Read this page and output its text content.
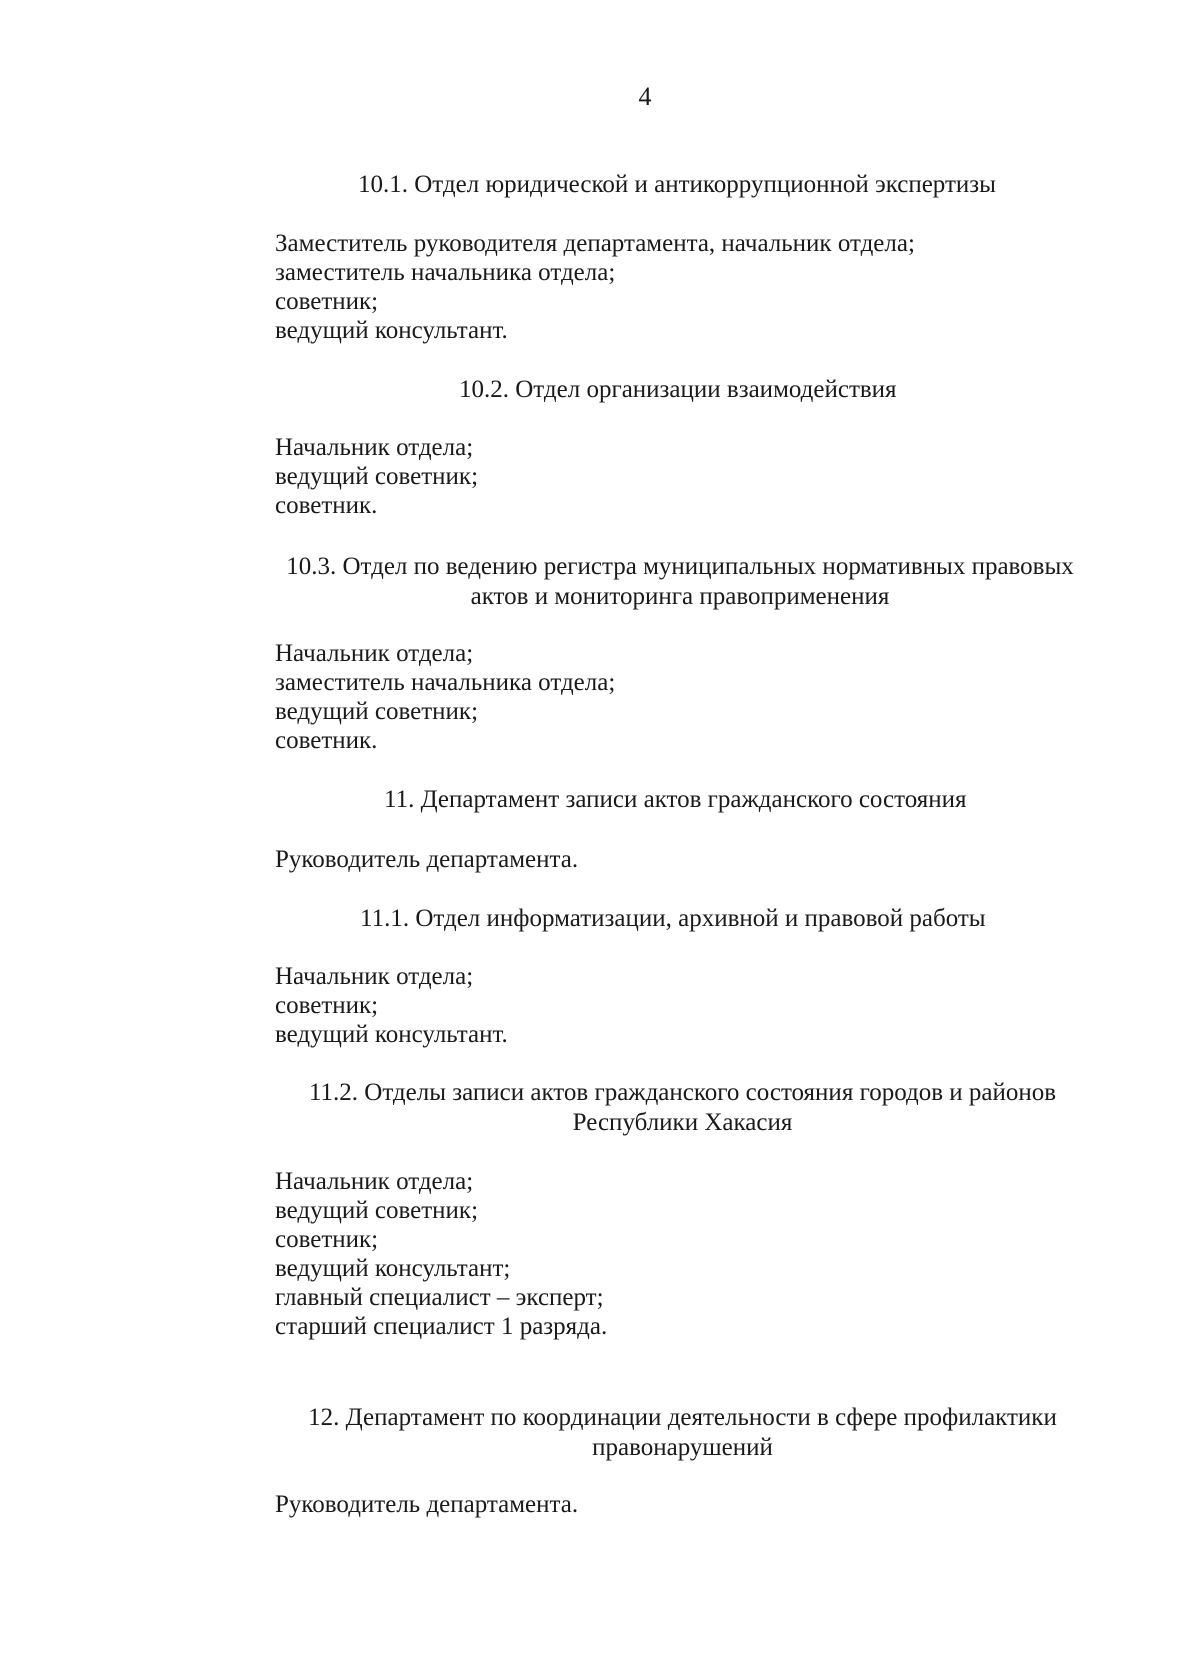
4
10.1. Отдел юридической и антикоррупционной экспертизы
Заместитель руководителя департамента, начальник отдела;
заместитель начальника отдела;
советник;
ведущий консультант.
10.2. Отдел организации взаимодействия
Начальник отдела;
ведущий советник;
советник.
10.3. Отдел по ведению регистра муниципальных нормативных правовых
актов и мониторинга правоприменения
Начальник отдела;
заместитель начальника отдела;
ведущий советник;
советник.
11. Департамент записи актов гражданского состояния
Руководитель департамента.
11.1. Отдел информатизации, архивной и правовой работы
Начальник отдела;
советник;
ведущий консультант.
11.2. Отделы записи актов гражданского состояния городов и районов
Республики Хакасия
Начальник отдела;
ведущий советник;
советник;
ведущий консультант;
главный специалист – эксперт;
старший специалист 1 разряда.
12. Департамент по координации деятельности в сфере профилактики
правонарушений
Руководитель департамента.
